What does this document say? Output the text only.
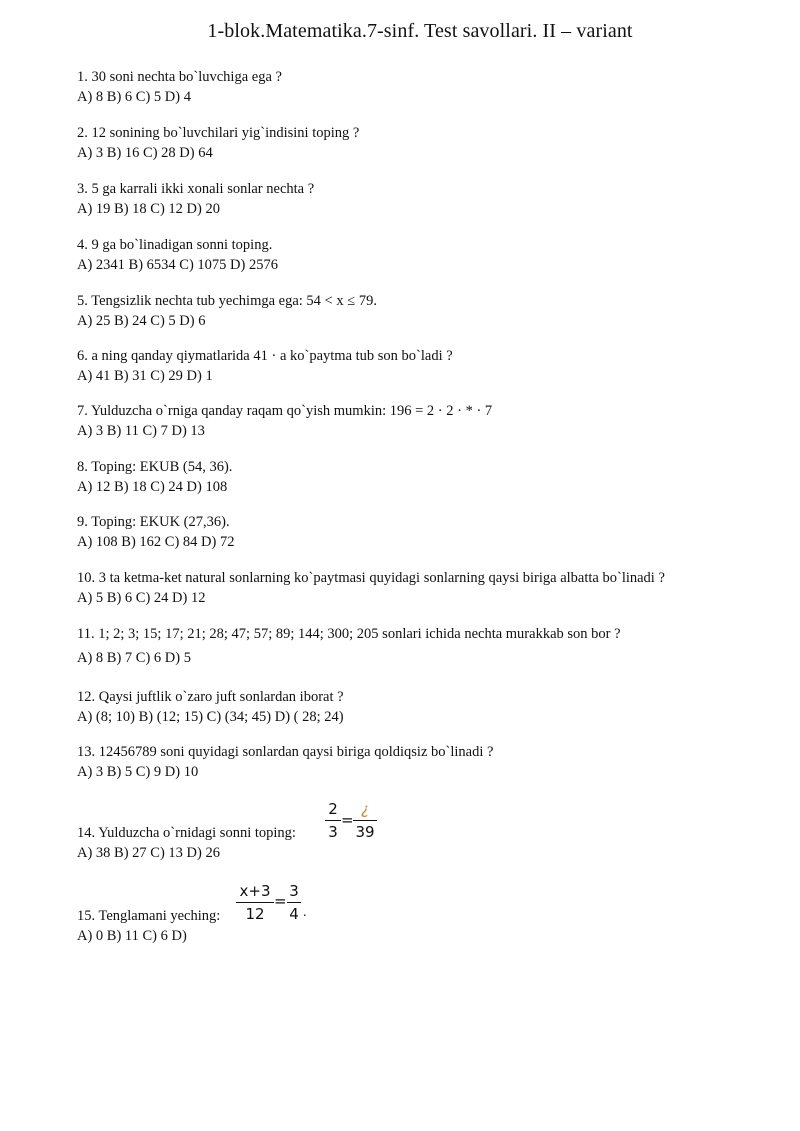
1-blok.Matematika.7-sinf. Test savollari. II – variant
1. 30 soni nechta bo`luvchiga ega ?
A) 8 B) 6 C) 5 D) 4
2. 12 sonining bo`luvchilari yig`indisini toping ?
A) 3 B) 16 C) 28 D) 64
3. 5 ga karrali ikki xonali sonlar nechta ?
A) 19 B) 18 C) 12 D) 20
4. 9 ga bo`linadigan sonni toping.
A) 2341 B) 6534 C) 1075 D) 2576
5. Tengsizlik nechta tub yechimga ega: 54 < x ≤ 79.
A) 25 B) 24 C) 5 D) 6
6. a ning qanday qiymatlarida 41 · a ko`paytma tub son bo`ladi ?
A) 41 B) 31 C) 29 D) 1
7. Yulduzcha o`rniga qanday raqam qo`yish mumkin: 196 = 2 · 2 · * · 7
A) 3 B) 11 C) 7 D) 13
8. Toping: EKUB (54, 36).
A) 12 B) 18 C) 24 D) 108
9. Toping: EKUK (27,36).
A) 108 B) 162 C) 84 D) 72
10. 3 ta ketma-ket natural sonlarning ko`paytmasi quyidagi sonlarning qaysi biriga albatta bo`linadi ?
A) 5 B) 6 C) 24 D) 12
11. 1; 2; 3; 15; 17; 21; 28; 47; 57; 89; 144; 300; 205 sonlari ichida nechta murakkab son bor ?
A) 8 B) 7 C) 6 D) 5
12. Qaysi juftlik o`zaro juft sonlardan iborat ?
A) (8; 10) B) (12; 15) C) (34; 45) D) ( 28; 24)
13. 12456789 soni quyidagi sonlardan qaysi biriga qoldiqsiz bo`linadi ?
A) 3 B) 5 C) 9 D) 10
14. Yulduzcha o`rnidagi sonni toping:
A) 38 B) 27 C) 13 D) 26
15. Tenglamani yeching:
A) 0 B) 11 C) 6 D)
2
3
=
¿
39
x+3
12
=
3
4 .
